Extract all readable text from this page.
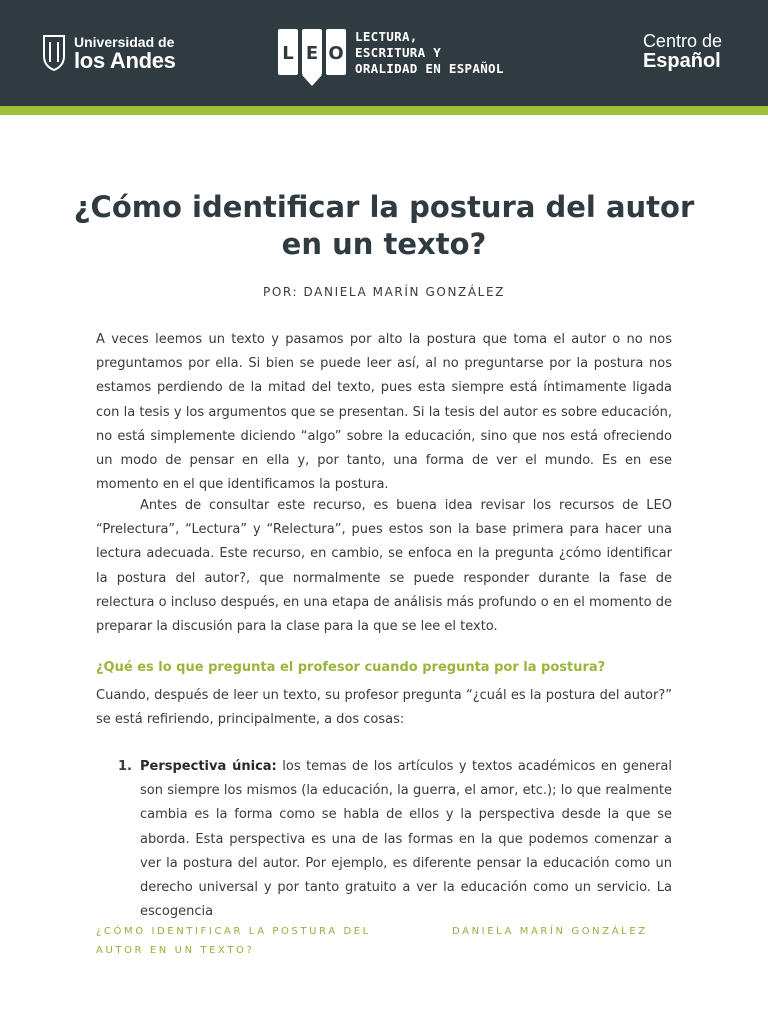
Universidad de
los Andes	L E O
LECTURA,
ESCRITURA Y
ORALIDAD EN ESPAÑOL
Centro de
Español
¿Cómo identificar la postura del autor en un texto?
POR: DANIELA MARÍN GONZÁLEZ

A veces leemos un texto y pasamos por alto la postura que toma el autor o no nos preguntamos por ella. Si bien se puede leer así, al no preguntarse por la postura nos estamos perdiendo de la mitad del texto, pues esta siempre está íntimamente ligada con la tesis y los argumentos que se presentan. Si la tesis del autor es sobre educación, no está simplemente diciendo “algo” sobre la educación, sino que nos está ofreciendo un modo de pensar en ella y, por tanto, una forma de ver el mundo. Es en ese momento en el que identificamos la postura.

Antes de consultar este recurso, es buena idea revisar los recursos de LEO “Prelectura”, “Lectura” y “Relectura”, pues estos son la base primera para hacer una lectura adecuada. Este recurso, en cambio, se enfoca en la pregunta ¿cómo identificar la postura del autor?, que normalmente se puede responder durante la fase de relectura o incluso después, en una etapa de análisis más profundo o en el momento de preparar la discusión para la clase para la que se lee el texto.

¿Qué es lo que pregunta el profesor cuando pregunta por la postura?

Cuando, después de leer un texto, su profesor pregunta “¿cuál es la postura del autor?” se está refiriendo, principalmente, a dos cosas:

1. Perspectiva única: los temas de los artículos y textos académicos en general son siempre los mismos (la educación, la guerra, el amor, etc.); lo que realmente cambia es la forma como se habla de ellos y la perspectiva desde la que se aborda. Esta perspectiva es una de las formas en la que podemos comenzar a ver la postura del autor. Por ejemplo, es diferente pensar la educación como un derecho universal y por tanto gratuito a ver la educación como un servicio. La escogencia

¿CÓMO IDENTIFICAR LA POSTURA DEL AUTOR EN UN TEXTO?
DANIELA MARÍN GONZÁLEZ
